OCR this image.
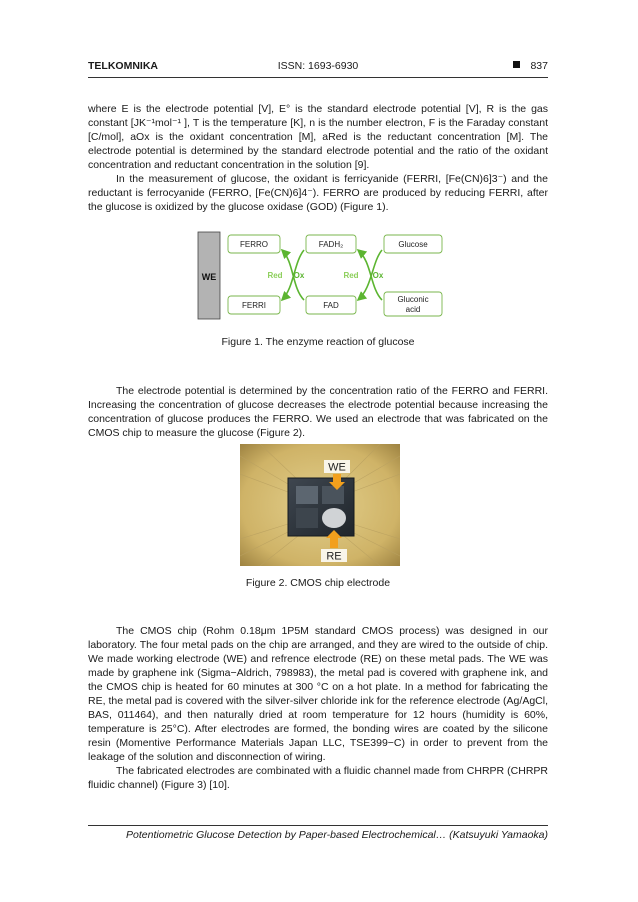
TELKOMNIKA	ISSN: 1693-6930	837

where E is the electrode potential [V], E° is the standard electrode potential [V], R is the gas constant [JK⁻¹mol⁻¹ ], T is the temperature [K], n is the number electron, F is the Faraday constant [C/mol], aOx is the oxidant concentration [M], aRed is the reductant concentration [M]. The electrode potential is determined by the standard electrode potential and the ratio of the oxidant concentration and reductant concentration in the solution [9].

In the measurement of glucose, the oxidant is ferricyanide (FERRI, [Fe(CN)6]3⁻) and the reductant is ferrocyanide (FERRO, [Fe(CN)6]4⁻). FERRO are produced by reducing FERRI, after the glucose is oxidized by the glucose oxidase (GOD) (Figure 1).

WE
FERRO
FERRI
FADH₂
FAD
Glucose
Gluconic
acid
Red Ox	Red Ox
Figure 1. The enzyme reaction of glucose

The electrode potential is determined by the concentration ratio of the FERRO and FERRI. Increasing the concentration of glucose decreases the electrode potential because increasing the concentration of glucose produces the FERRO. We used an electrode that was fabricated on the CMOS chip to measure the glucose (Figure 2).

WE
RE
Figure 2. CMOS chip electrode

The CMOS chip (Rohm 0.18μm 1P5M standard CMOS process) was designed in our laboratory. The four metal pads on the chip are arranged, and they are wired to the outside of chip. We made working electrode (WE) and refrence electrode (RE) on these metal pads. The WE was made by graphene ink (Sigma−Aldrich, 798983), the metal pad is covered with graphene ink, and the CMOS chip is heated for 60 minutes at 300 °C on a hot plate. In a method for fabricating the RE, the metal pad is covered with the silver-silver chloride ink for the reference electrode (Ag/AgCl, BAS, 011464), and then naturally dried at room temperature for 12 hours (humidity is 60%, temperature is 25°C). After electrodes are formed, the bonding wires are coated by the silicone resin (Momentive Performance Materials Japan LLC, TSE399−C) in order to prevent from the leakage of the solution and disconnection of wiring.

The fabricated electrodes are combinated with a fluidic channel made from CHRPR (CHRPR fluidic channel) (Figure 3) [10].

Potentiometric Glucose Detection by Paper-based Electrochemical… (Katsuyuki Yamaoka)
